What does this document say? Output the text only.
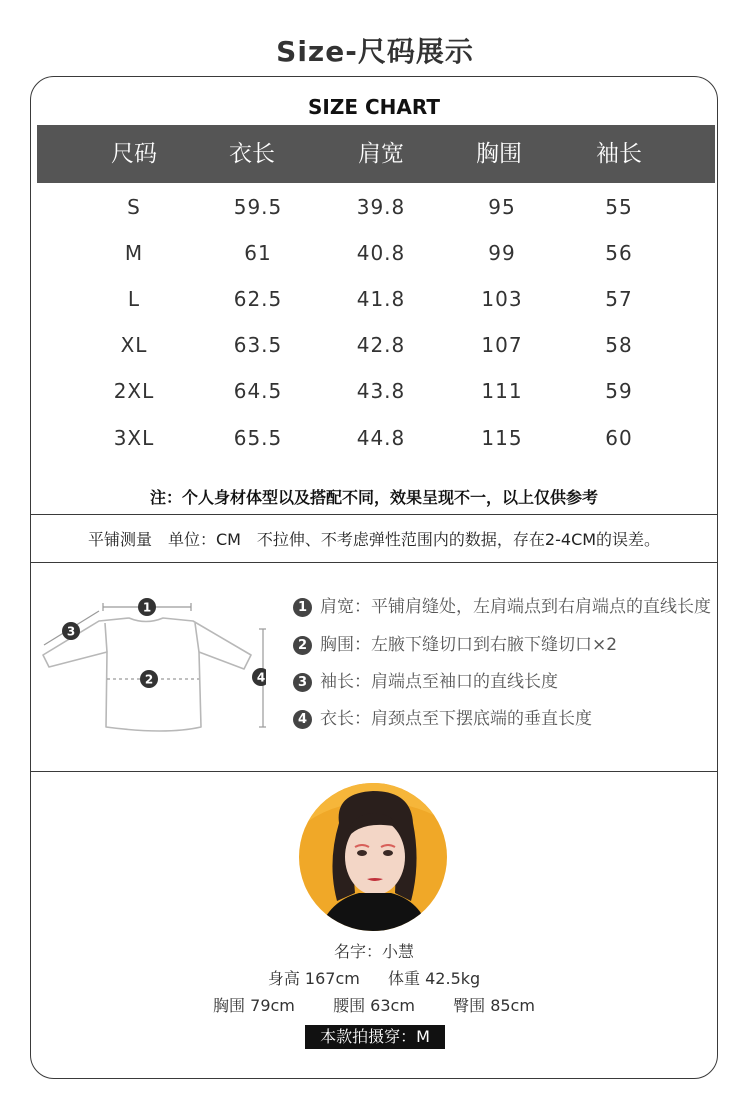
Size-尺码展示
SIZE CHART
尺码	衣长	肩宽	胸围	袖长
S	59.5	39.8	95	55
M	61	40.8	99	56
L	62.5	41.8	103	57
XL	63.5	42.8	107	58
2XL	64.5	43.8	111	59
3XL	65.5	44.8	115	60
注：个人身材体型以及搭配不同，效果呈现不一，以上仅供参考
平铺测量　单位：CM　不拉伸、不考虑弹性范围内的数据，存在2-4CM的误差。
1
2
3
4
1 肩宽：平铺肩缝处，左肩端点到右肩端点的直线长度
2 胸围：左腋下缝切口到右腋下缝切口×2
3 袖长：肩端点至袖口的直线长度
4 衣长：肩颈点至下摆底端的垂直长度
名字：小慧
身高 167cm 体重 42.5kg
胸围 79cm 腰围 63cm 臀围 85cm
本款拍摄穿：M
